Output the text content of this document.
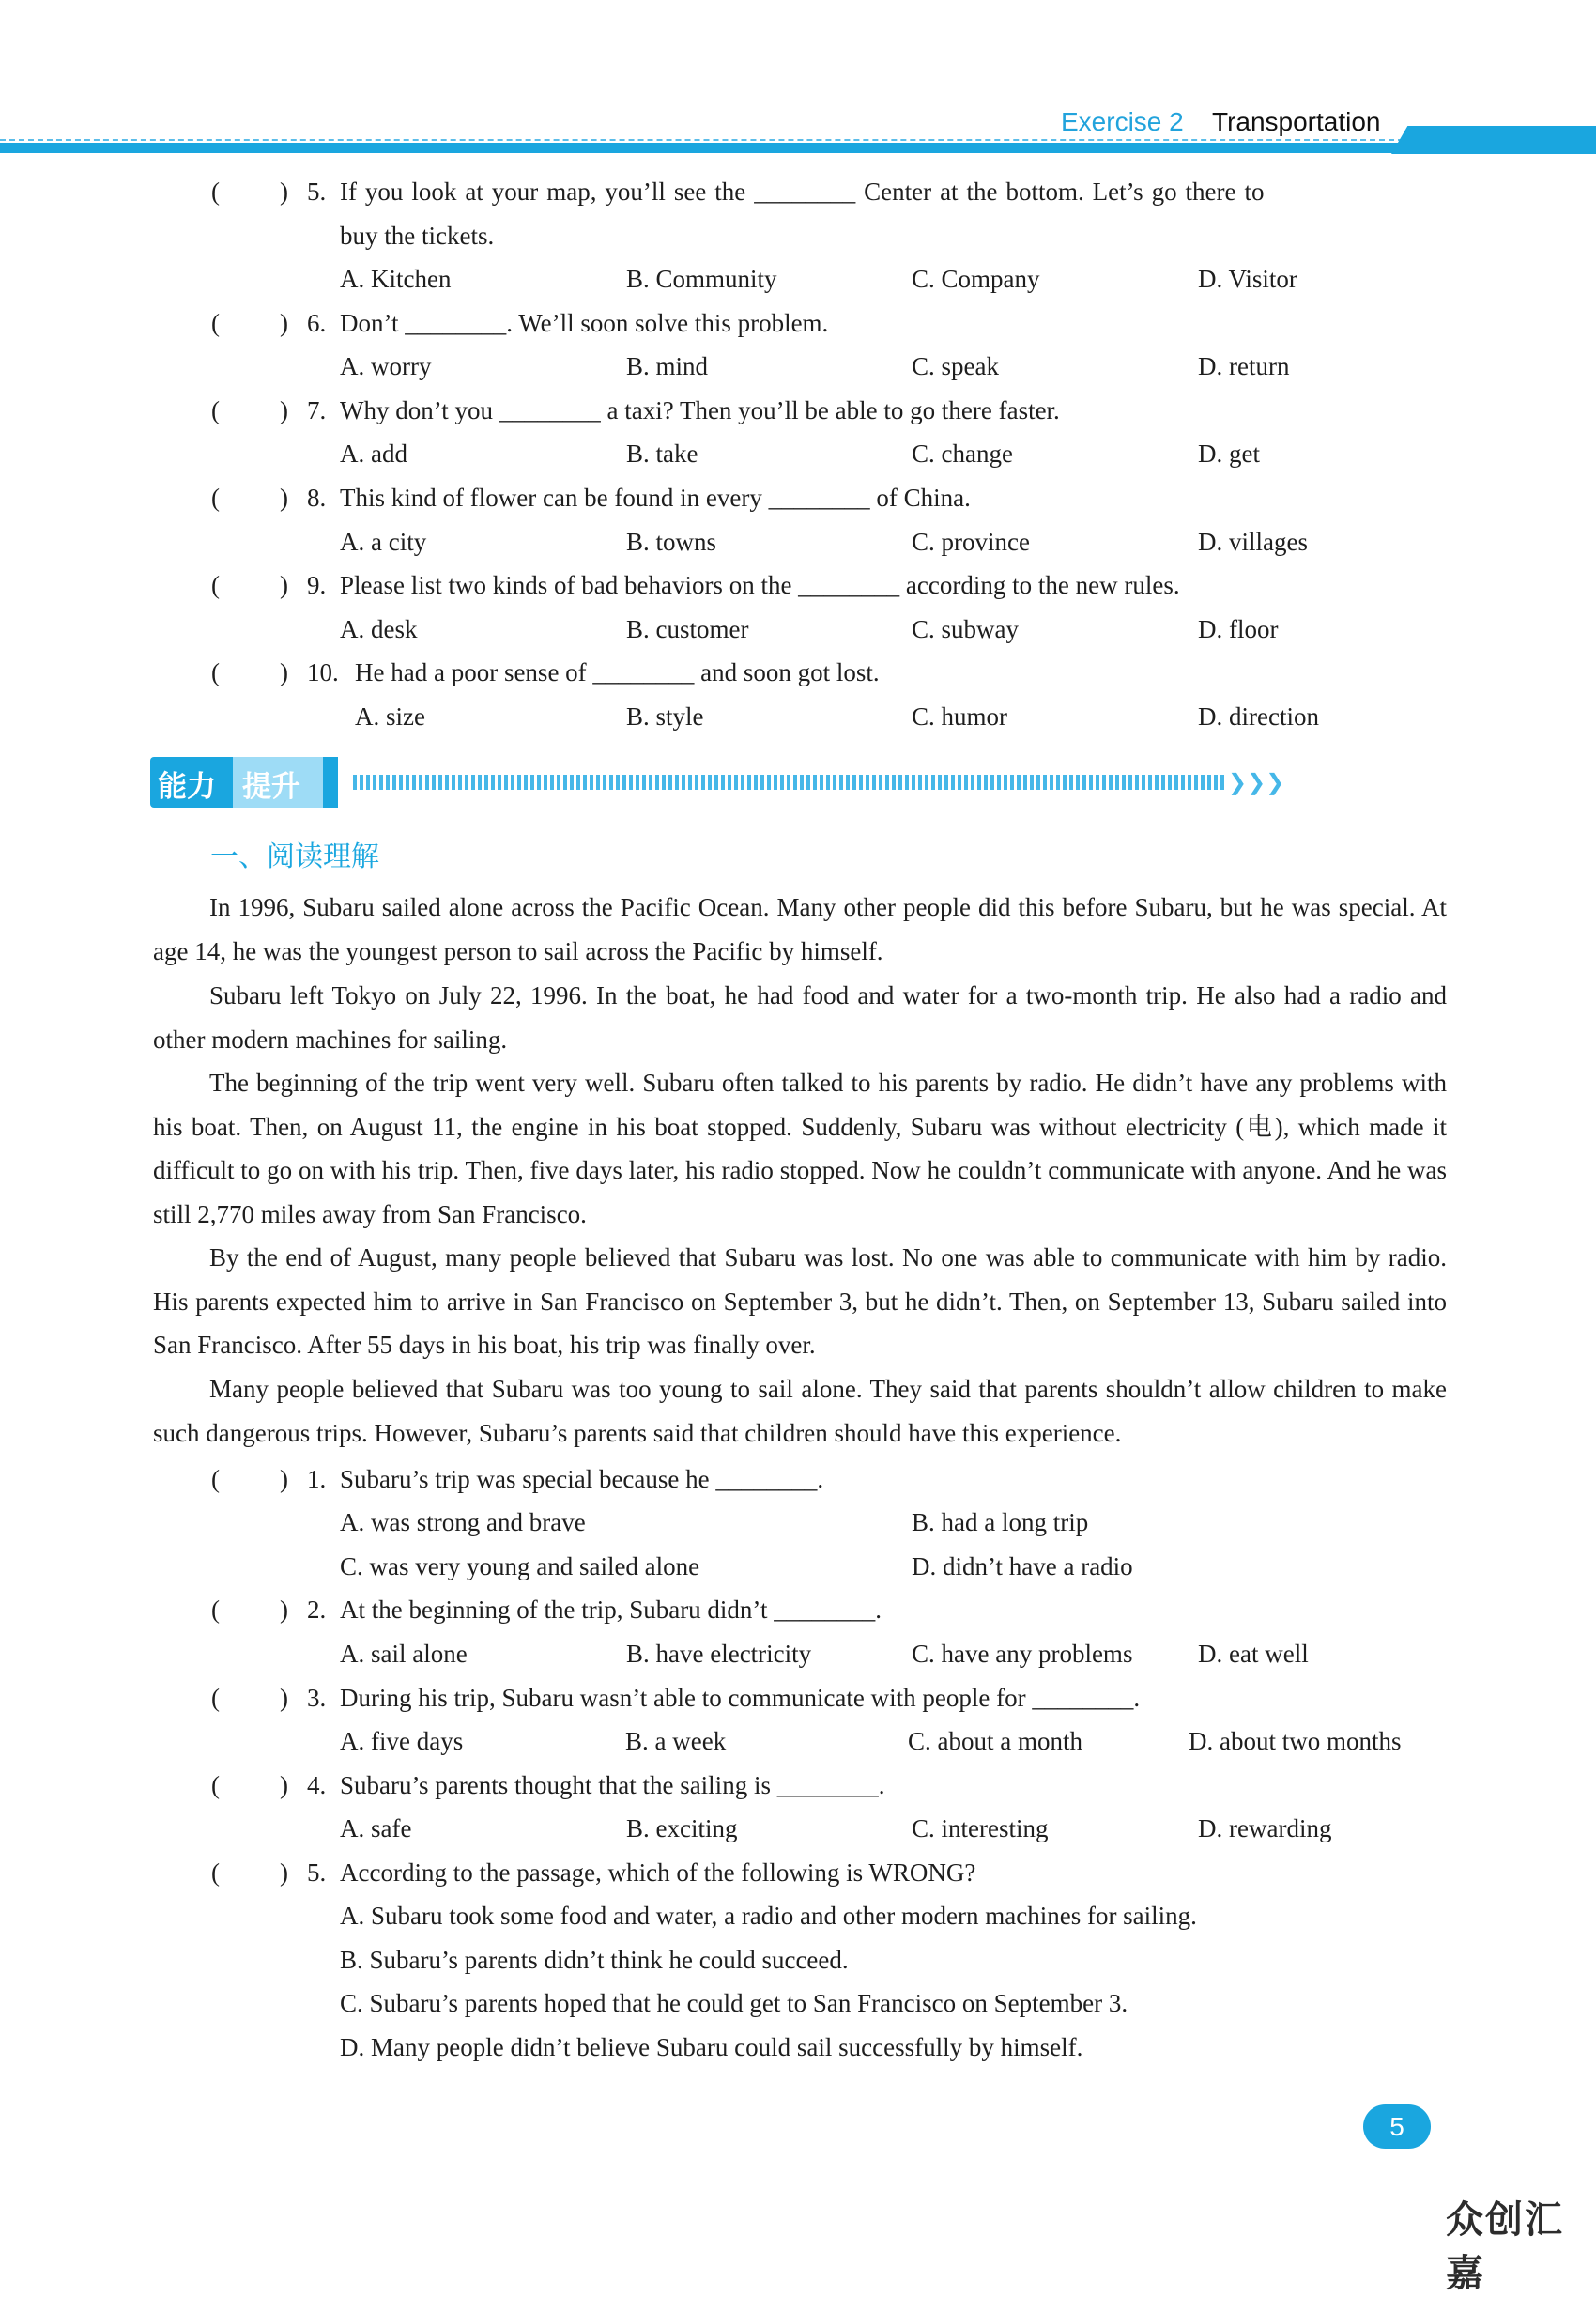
Exercise 2 Transportation
( ) 5. If you look at your map, you’ll see the ________ Center at the bottom. Let’s go there to
buy the tickets.
A. Kitchen	B. Community	C. Company	D. Visitor
( ) 6. Don’t ________. We’ll soon solve this problem.
A. worry	B. mind	C. speak	D. return
( ) 7. Why don’t you ________ a taxi? Then you’ll be able to go there faster.
A. add	B. take	C. change	D. get
( ) 8. This kind of flower can be found in every ________ of China.
A. a city	B. towns	C. province	D. villages
( ) 9. Please list two kinds of bad behaviors on the ________ according to the new rules.
A. desk	B. customer	C. subway	D. floor
( ) 10. He had a poor sense of ________ and soon got lost.
A. size	B. style	C. humor	D. direction
能力 提升	❯❯❯
一、阅读理解

In 1996, Subaru sailed alone across the Pacific Ocean. Many other people did this before Subaru, but he was special. At age 14, he was the youngest person to sail across the Pacific by himself.

Subaru left Tokyo on July 22, 1996. In the boat, he had food and water for a two-month trip. He also had a radio and other modern machines for sailing.

The beginning of the trip went very well. Subaru often talked to his parents by radio. He didn’t have any problems with his boat. Then, on August 11, the engine in his boat stopped. Suddenly, Subaru was without electricity (电), which made it difficult to go on with his trip. Then, five days later, his radio stopped. Now he couldn’t communicate with anyone. And he was still 2,770 miles away from San Francisco.

By the end of August, many people believed that Subaru was lost. No one was able to communicate with him by radio. His parents expected him to arrive in San Francisco on September 3, but he didn’t. Then, on September 13, Subaru sailed into San Francisco. After 55 days in his boat, his trip was finally over.

Many people believed that Subaru was too young to sail alone. They said that parents shouldn’t allow children to make such dangerous trips. However, Subaru’s parents said that children should have this experience.

( ) 1. Subaru’s trip was special because he ________.
A. was strong and brave	B. had a long trip
C. was very young and sailed alone	D. didn’t have a radio
( ) 2. At the beginning of the trip, Subaru didn’t ________.
A. sail alone	B. have electricity	C. have any problems	D. eat well
( ) 3. During his trip, Subaru wasn’t able to communicate with people for ________.
A. five days	B. a week	C. about a month	D. about two months
( ) 4. Subaru’s parents thought that the sailing is ________.
A. safe	B. exciting	C. interesting	D. rewarding
( ) 5. According to the passage, which of the following is WRONG?
A. Subaru took some food and water, a radio and other modern machines for sailing.
B. Subaru’s parents didn’t think he could succeed.
C. Subaru’s parents hoped that he could get to San Francisco on September 3.
D. Many people didn’t believe Subaru could sail successfully by himself.
5
众创汇嘉
